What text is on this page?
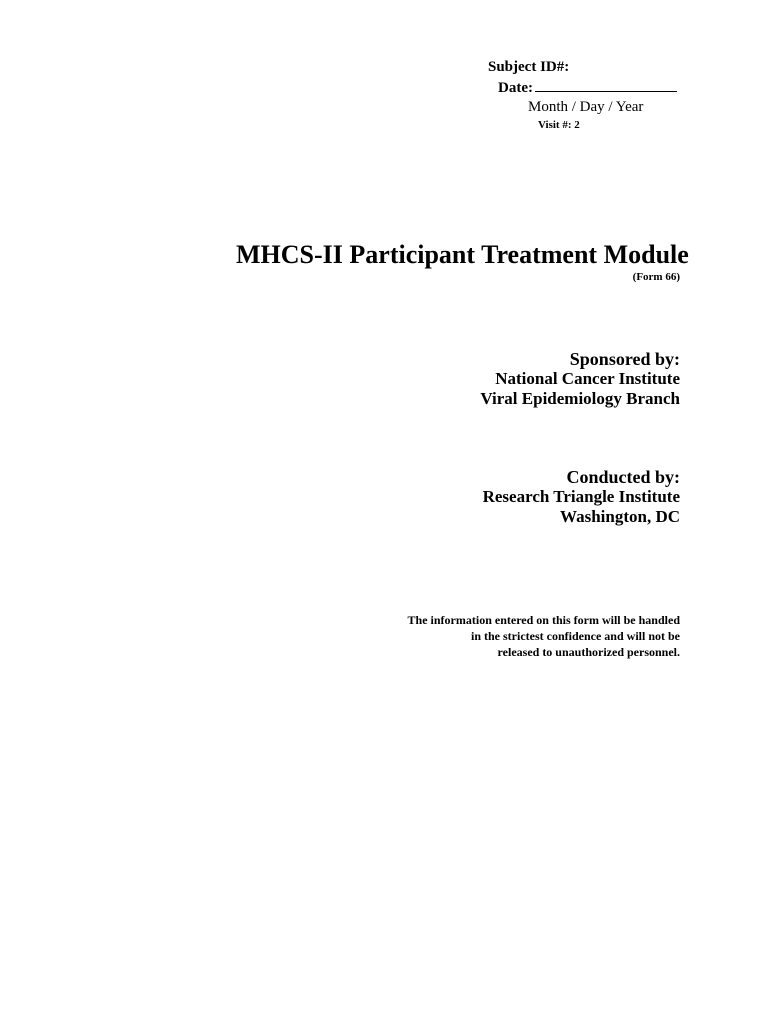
Subject ID#:
Date:
Month / Day / Year
Visit #: 2
MHCS-II Participant Treatment Module
(Form 66)
Sponsored by:
National Cancer Institute
Viral Epidemiology Branch
Conducted by:
Research Triangle Institute
Washington, DC
The information entered on this form will be handled
in the strictest confidence and will not be
released to unauthorized personnel.
